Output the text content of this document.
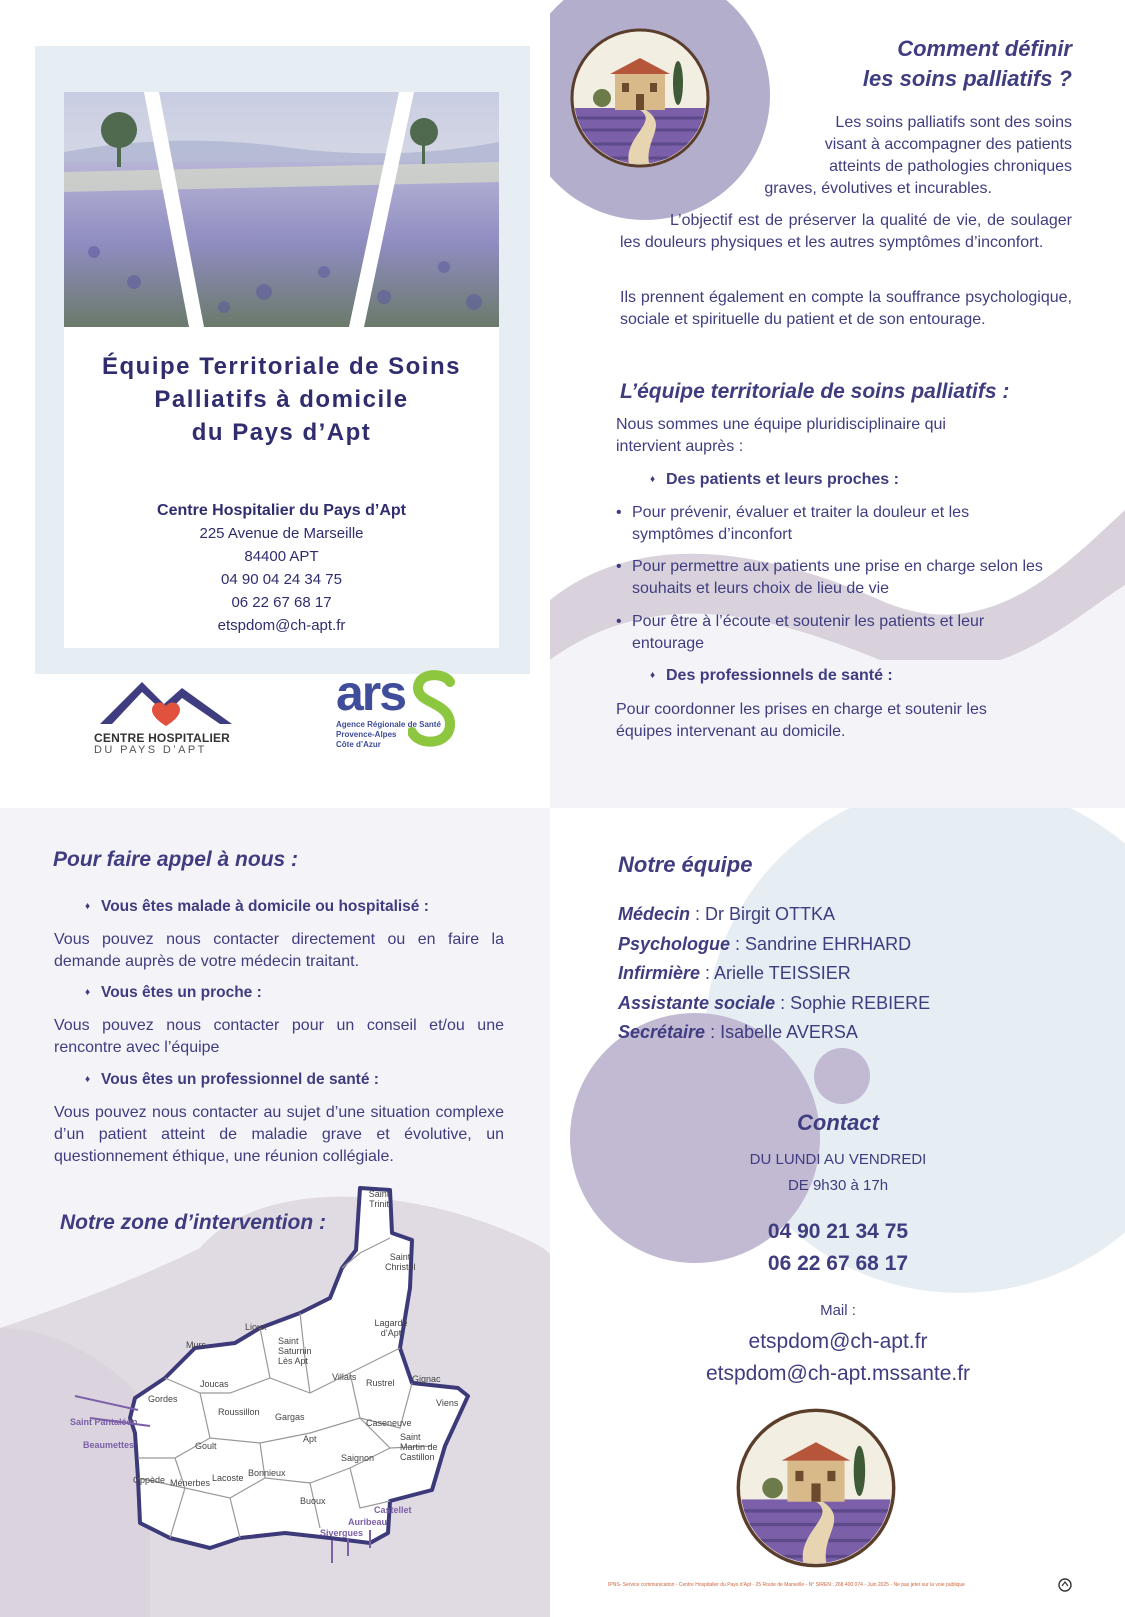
Équipe Territoriale de Soins
Palliatifs à domicile
du Pays d’Apt
Centre Hospitalier du Pays d’Apt
225 Avenue de Marseille
84400 APT
04 90 04 24 34 75
06 22 67 68 17
etspdom@ch-apt.fr
CENTRE HOSPITALIER
DU PAYS D’APT
ars
Agence Régionale de Santé
Provence-Alpes
Côte d’Azur
Comment définir
les soins palliatifs ?
Les soins palliatifs sont des soins
visant à accompagner des patients
atteints de pathologies chroniques
graves, évolutives et incurables.
L’objectif est de préserver la qualité de vie, de soulager les douleurs physiques et les autres symptômes d’inconfort.
Ils prennent également en compte la souffrance psychologique, sociale et spirituelle du patient et de son entourage.
L’équipe territoriale de soins palliatifs :
Nous sommes une équipe pluridisciplinaire qui intervient auprès :
♦ Des patients et leurs proches :
• Pour prévenir, évaluer et traiter la douleur et les symptômes d’inconfort
• Pour permettre aux patients une prise en charge selon les souhaits et leurs choix de lieu de vie
• Pour être à l’écoute et soutenir les patients et leur entourage
♦ Des professionnels de santé :
Pour coordonner les prises en charge et soutenir les équipes intervenant au domicile.
Pour faire appel à nous :
♦ Vous êtes malade à domicile ou hospitalisé :
Vous pouvez nous contacter directement ou en faire la demande auprès de votre médecin traitant.
♦ Vous êtes un proche :
Vous pouvez nous contacter pour un conseil et/ou une rencontre avec l’équipe
♦ Vous êtes un professionnel de santé :
Vous pouvez nous contacter au sujet d’une situation complexe d’un patient atteint de maladie grave et évolutive, un questionnement éthique, une réunion collégiale.
Notre zone d’intervention :
Saint Trinit
Saint Christol
Lagarde d’Apt
Lioux
Saint Saturnin Lès Apt
Murs
Joucas
Villars
Rustrel Gignac
Gordes
Roussillon Gargas
Viens
Saint Pantaléon
Beaumettes	Goult
Apt
Caseneuve
Saint Martin de Castillon
Saignon
Oppède Ménerbes Lacoste Bonnieux
Buoux
Castellet
Auribeau
Sivergues
Notre équipe
Médecin : Dr Birgit OTTKA
Psychologue : Sandrine EHRHARD
Infirmière : Arielle TEISSIER
Assistante sociale : Sophie REBIERE
Secrétaire : Isabelle AVERSA
Contact
DU LUNDI AU VENDREDI
DE 9h30 à 17h
04 90 21 34 75
06 22 67 68 17
Mail :
etspdom@ch-apt.fr
etspdom@ch-apt.mssante.fr
IPNS- Service communication - Centre Hospitalier du Pays d’Apt - 25 Route de Marseille - N° SIREN : 268 400 074 - Juin 2025 - Ne pas jeter sur la voie publique
